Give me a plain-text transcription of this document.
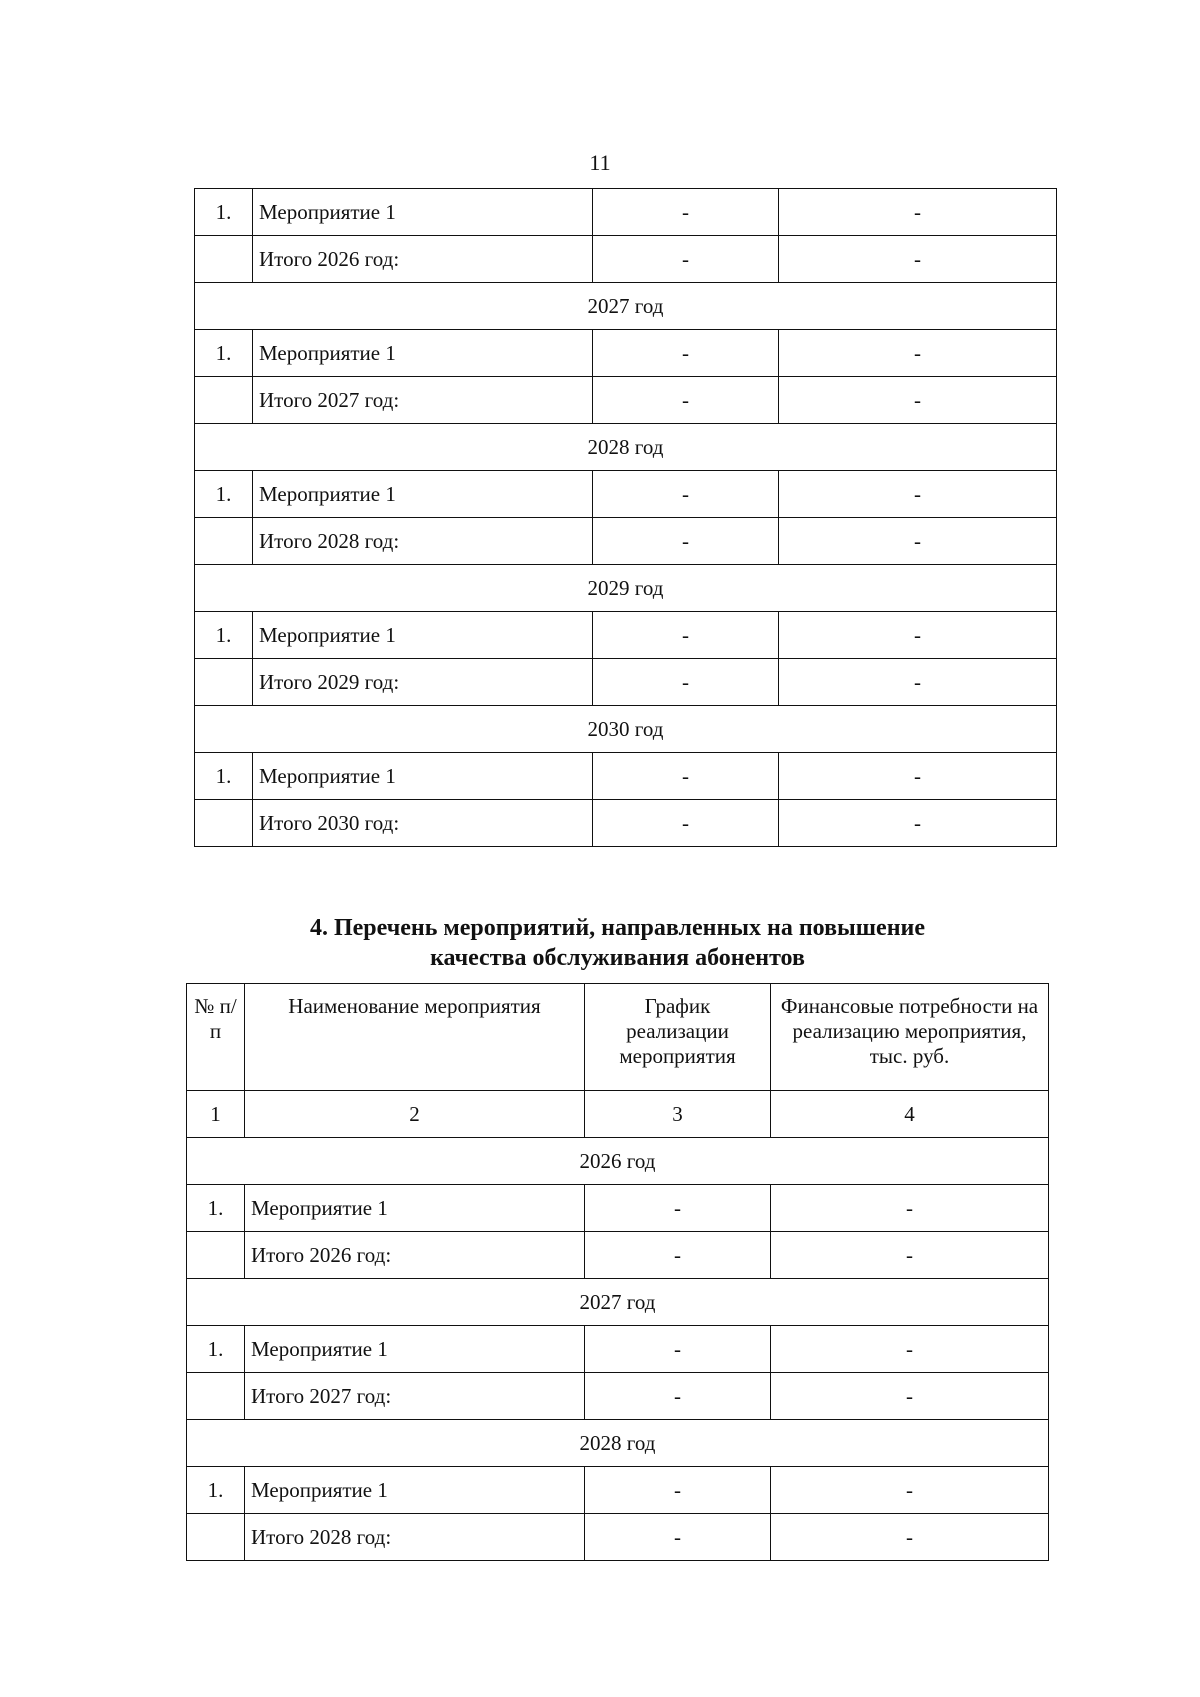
11
1.	Мероприятие 1	-	-
	Итого 2026 год:	-	-
2027 год			
1.	Мероприятие 1	-	-
	Итого 2027 год:	-	-
2028 год			
1.	Мероприятие 1	-	-
	Итого 2028 год:	-	-
2029 год			
1.	Мероприятие 1	-	-
	Итого 2029 год:	-	-
2030 год			
1.	Мероприятие 1	-	-
	Итого 2030 год:	-	-
4. Перечень мероприятий, направленных на повышение
качества обслуживания абонентов
№ п/п	Наименование мероприятия	График реализации мероприятия	Финансовые потребности на реализацию мероприятия, тыс. руб.
1	2	3	4
2026 год			
1.	Мероприятие 1	-	-
	Итого 2026 год:	-	-
2027 год			
1.	Мероприятие 1	-	-
	Итого 2027 год:	-	-
2028 год			
1.	Мероприятие 1	-	-
	Итого 2028 год:	-	-
